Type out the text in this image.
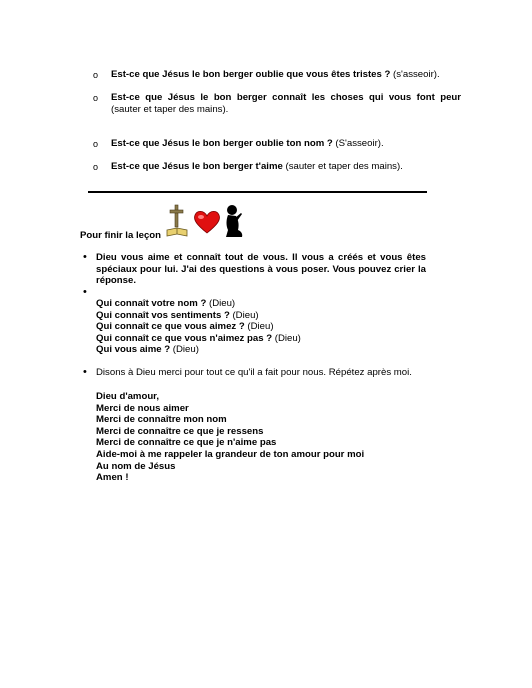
o Est-ce que Jésus le bon berger oublie que vous êtes tristes ? (s'asseoir).
o Est-ce que Jésus le bon berger connaît les choses qui vous font peur
(sauter et taper des mains).
o Est-ce que Jésus le bon berger oublie ton nom ? (S'asseoir).
o Est-ce que Jésus le bon berger t'aime (sauter et taper des mains).
Pour finir la leçon
• Dieu vous aime et connaît tout de vous. Il vous a créés et vous êtes spéciaux pour lui. J'ai des questions à vous poser. Vous pouvez crier la réponse.
•
Qui connaît votre nom ? (Dieu)
Qui connaît vos sentiments ? (Dieu)
Qui connaît ce que vous aimez ? (Dieu)
Qui connaît ce que vous n'aimez pas ? (Dieu)
Qui vous aime ? (Dieu)
• Disons à Dieu merci pour tout ce qu'il a fait pour nous. Répétez après moi.
Dieu d'amour,
Merci de nous aimer
Merci de connaître mon nom
Merci de connaître ce que je ressens
Merci de connaître ce que je n'aime pas
Aide-moi à me rappeler la grandeur de ton amour pour moi
Au nom de Jésus
Amen !
